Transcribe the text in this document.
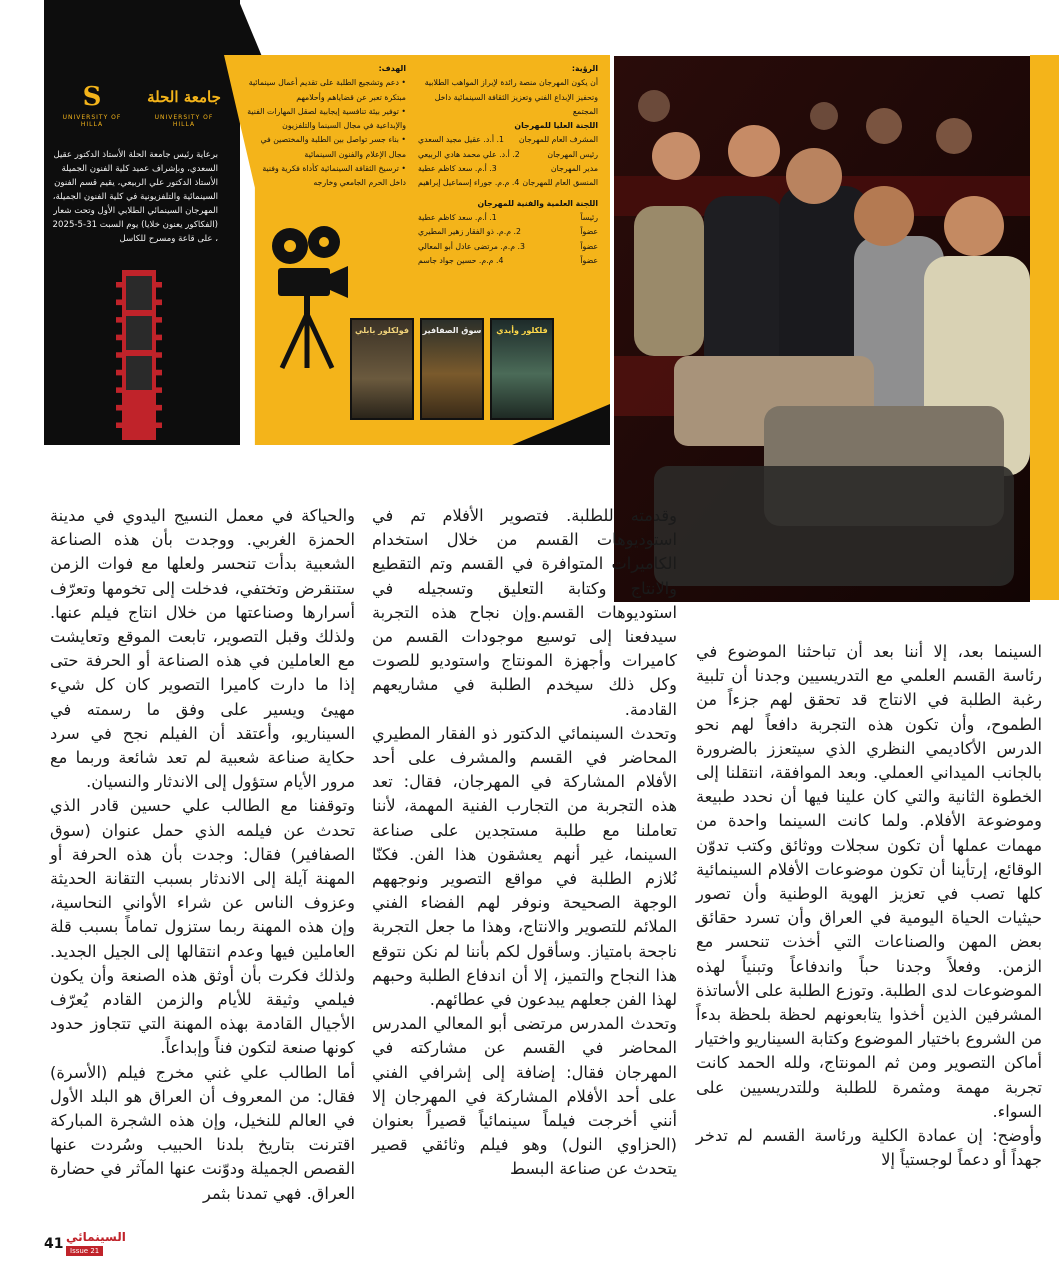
S
UNIVERSITY OF HILLA
جامعة الحلة
UNIVERSITY OF HILLA
برعاية رئيس جامعة الحلة الأستاذ الدكتور عقيل السعدي، وبإشراف عميد كلية الفنون الجميلة الأستاذ الدكتور علي الربيعي، يقيم قسم الفنون السينمائية والتلفزيونية في كلية الفنون الجميلة، المهرجان السينمائي الطلابي الأول وتحت شعار (الفكاكور يعنون خلايا) يوم السبت 31-5-2025 ، على قاعة ومسرح للكاسل
فولكلور بابلي	سوق الصفافير	فلكلور وأيدي
الرؤية:
أن يكون المهرجان منصة رائدة لإبراز المواهب الطلابية وتحفيز الإبداع الفني وتعزيز الثقافة السينمائية داخل المجتمع
اللجنة العليا للمهرجان
1. أ.د. عقيل مجيد السعدي المشرف العام للمهرجان
2. أ.د. علي محمد هادي الربيعي	رئيس المهرجان
3. أ.م. سعد كاظم عطية	مدير المهرجان
4. م.م. جوراء إسماعيل إبراهيم المنسق العام للمهرجان
اللجنة العلمية والفنية للمهرجان
1. أ.م. سعد كاظم عطية	رئيساً
2. م.م. ذو الفقار زهير المطيري	عضواً
3. م.م. مرتضى عادل أبو المعالي	عضواً
4. م.م. حسين جواد جاسم	عضواً
الهدف:
• دعم وتشجيع الطلبة على تقديم أعمال سينمائية مبتكرة تعبر عن قضاياهم وأحلامهم
• توفير بيئة تنافسية إيجابية لصقل المهارات الفنية والإبداعية في مجال السينما والتلفزيون
• بناء جسر تواصل بين الطلبة والمختصين في مجال الإعلام والفنون السينمائية
• ترسيخ الثقافة السينمائية كأداة فكرية وفنية داخل الحرم الجامعي وخارجه

السينما بعد، إلا أننا بعد أن تباحثنا الموضوع في رئاسة القسم العلمي مع التدريسيين وجدنا أن تلبية رغبة الطلبة في الانتاج قد تحقق لهم جزءاً من الطموح، وأن تكون هذه التجربة دافعاً لهم نحو الدرس الأكاديمي النظري الذي سيتعزز بالضرورة بالجانب الميداني العملي. وبعد الموافقة، انتقلنا إلى الخطوة الثانية والتي كان علينا فيها أن نحدد طبيعة وموضوعة الأفلام. ولما كانت السينما واحدة من مهمات عملها أن تكون سجلات ووثائق وكتب تدوّن الوقائع، إرتأينا أن تكون موضوعات الأفلام السينمائية كلها تصب في تعزيز الهوية الوطنية وأن تصور حيثيات الحياة اليومية في العراق وأن تسرد حقائق بعض المهن والصناعات التي أخذت تنحسر مع الزمن. وفعلاً وجدنا حباً واندفاعاً وتبنياً لهذه الموضوعات لدى الطلبة. وتوزع الطلبة على الأساتذة المشرفين الذين أخذوا يتابعونهم لحظة بلحظة بدءاً من الشروع باختيار الموضوع وكتابة السيناريو واختيار أماكن التصوير ومن ثم المونتاج، ولله الحمد كانت تجربة مهمة ومثمرة للطلبة وللتدريسيين على السواء.

وأوضح: إن عمادة الكلية ورئاسة القسم لم تدخر جهداً أو دعماً لوجستياً إلا

وقدمته للطلبة. فتصوير الأفلام تم في استوديوهات القسم من خلال استخدام الكاميرات المتوافرة في القسم وتم التقطيع والانتاج وكتابة التعليق وتسجيله في استوديوهات القسم.وإن نجاح هذه التجربة سيدفعنا إلى توسيع موجودات القسم من كاميرات وأجهزة المونتاج واستوديو للصوت وكل ذلك سيخدم الطلبة في مشاريعهم القادمة.

وتحدث السينمائي الدكتور ذو الفقار المطيري المحاضر في القسم والمشرف على أحد الأفلام المشاركة في المهرجان، فقال: تعد هذه التجربة من التجارب الفنية المهمة، لأننا تعاملنا مع طلبة مستجدين على صناعة السينما، غير أنهم يعشقون هذا الفن. فكنّا نُلازم الطلبة في مواقع التصوير ونوجههم الوجهة الصحيحة ونوفر لهم الفضاء الفني الملائم للتصوير والانتاج، وهذا ما جعل التجربة ناجحة بامتياز. وسأقول لكم بأننا لم نكن نتوقع هذا النجاح والتميز، إلا أن اندفاع الطلبة وحبهم لهذا الفن جعلهم يبدعون في عطائهم.

وتحدث المدرس مرتضى أبو المعالي المدرس المحاضر في القسم عن مشاركته في المهرجان فقال: إضافة إلى إشرافي الفني على أحد الأفلام المشاركة في المهرجان إلا أنني أخرجت فيلماً سينمائياً قصيراً بعنوان (الحزاوي النول) وهو فيلم وثائقي قصير يتحدث عن صناعة البسط

والحياكة في معمل النسيج اليدوي في مدينة الحمزة الغربي. ووجدت بأن هذه الصناعة الشعبية بدأت تنحسر ولعلها مع فوات الزمن ستنقرض وتختفي، فدخلت إلى تخومها وتعرّف أسرارها وصناعتها من خلال انتاج فيلم عنها. ولذلك وقبل التصوير، تابعت الموقع وتعايشت مع العاملين في هذه الصناعة أو الحرفة حتى إذا ما دارت كاميرا التصوير كان كل شيء مهيئ ويسير على وفق ما رسمته في السيناريو، وأعتقد أن الفيلم نجح في سرد حكاية صناعة شعبية لم تعد شائعة وربما مع مرور الأيام ستؤول إلى الاندثار والنسيان.

وتوقفنا مع الطالب علي حسين قادر الذي تحدث عن فيلمه الذي حمل عنوان (سوق الصفافير) فقال: وجدت بأن هذه الحرفة أو المهنة آيلة إلى الاندثار بسبب التقانة الحديثة وعزوف الناس عن شراء الأواني النحاسية، وإن هذه المهنة ربما ستزول تماماً بسبب قلة العاملين فيها وعدم انتقالها إلى الجيل الجديد. ولذلك فكرت بأن أوثق هذه الصنعة وأن يكون فيلمي وثيقة للأيام والزمن القادم يُعرّف الأجيال القادمة بهذه المهنة التي تتجاوز حدود كونها صنعة لتكون فناً وإبداعاً.

أما الطالب علي غني مخرج فيلم (الأسرة) فقال: من المعروف أن العراق هو البلد الأول في العالم للنخيل، وإن هذه الشجرة المباركة اقترنت بتاريخ بلدنا الحبيب وسُردت عنها القصص الجميلة ودوّنت عنها المآثر في حضارة العراق. فهي تمدنا بثمر

41 السينمائي
Issue 21
